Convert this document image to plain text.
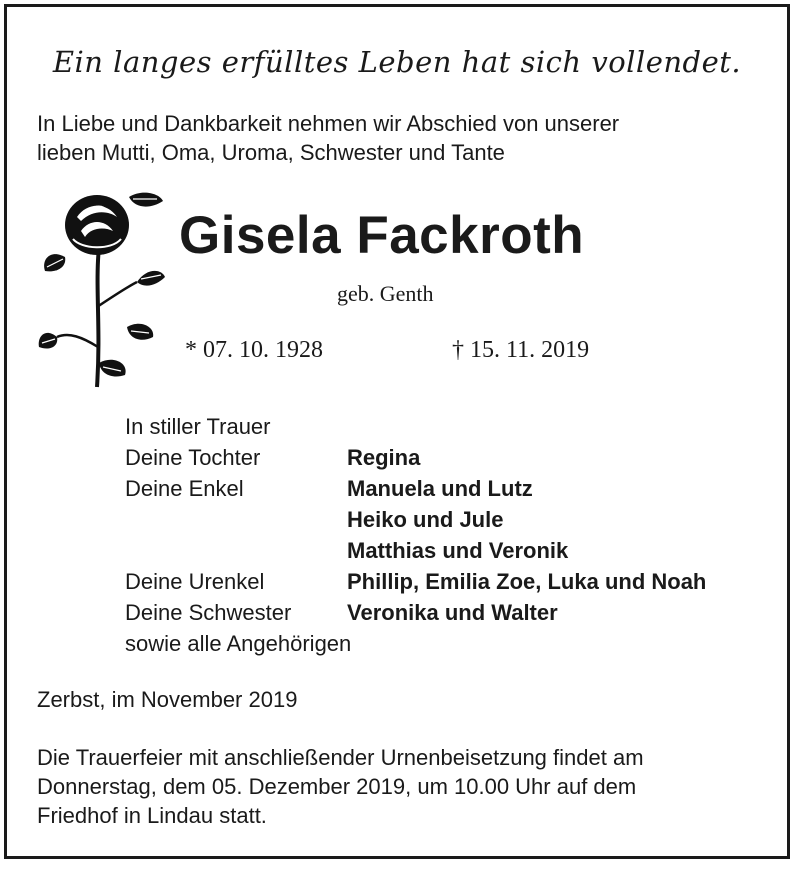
Ein langes erfülltes Leben hat sich vollendet.
In Liebe und Dankbarkeit nehmen wir Abschied von unserer
lieben Mutti, Oma, Uroma, Schwester und Tante
Gisela Fackroth
geb. Genth
* 07. 10. 1928	† 15. 11. 2019
In stiller Trauer
Deine Tochter	Regina
Deine Enkel	Manuela und Lutz
Heiko und Jule
Matthias und Veronik
Deine Urenkel	Phillip, Emilia Zoe, Luka und Noah
Deine Schwester	Veronika und Walter
sowie alle Angehörigen
Zerbst, im November 2019
Die Trauerfeier mit anschließender Urnenbeisetzung findet am
Donnerstag, dem 05. Dezember 2019, um 10.00 Uhr auf dem
Friedhof in Lindau statt.
